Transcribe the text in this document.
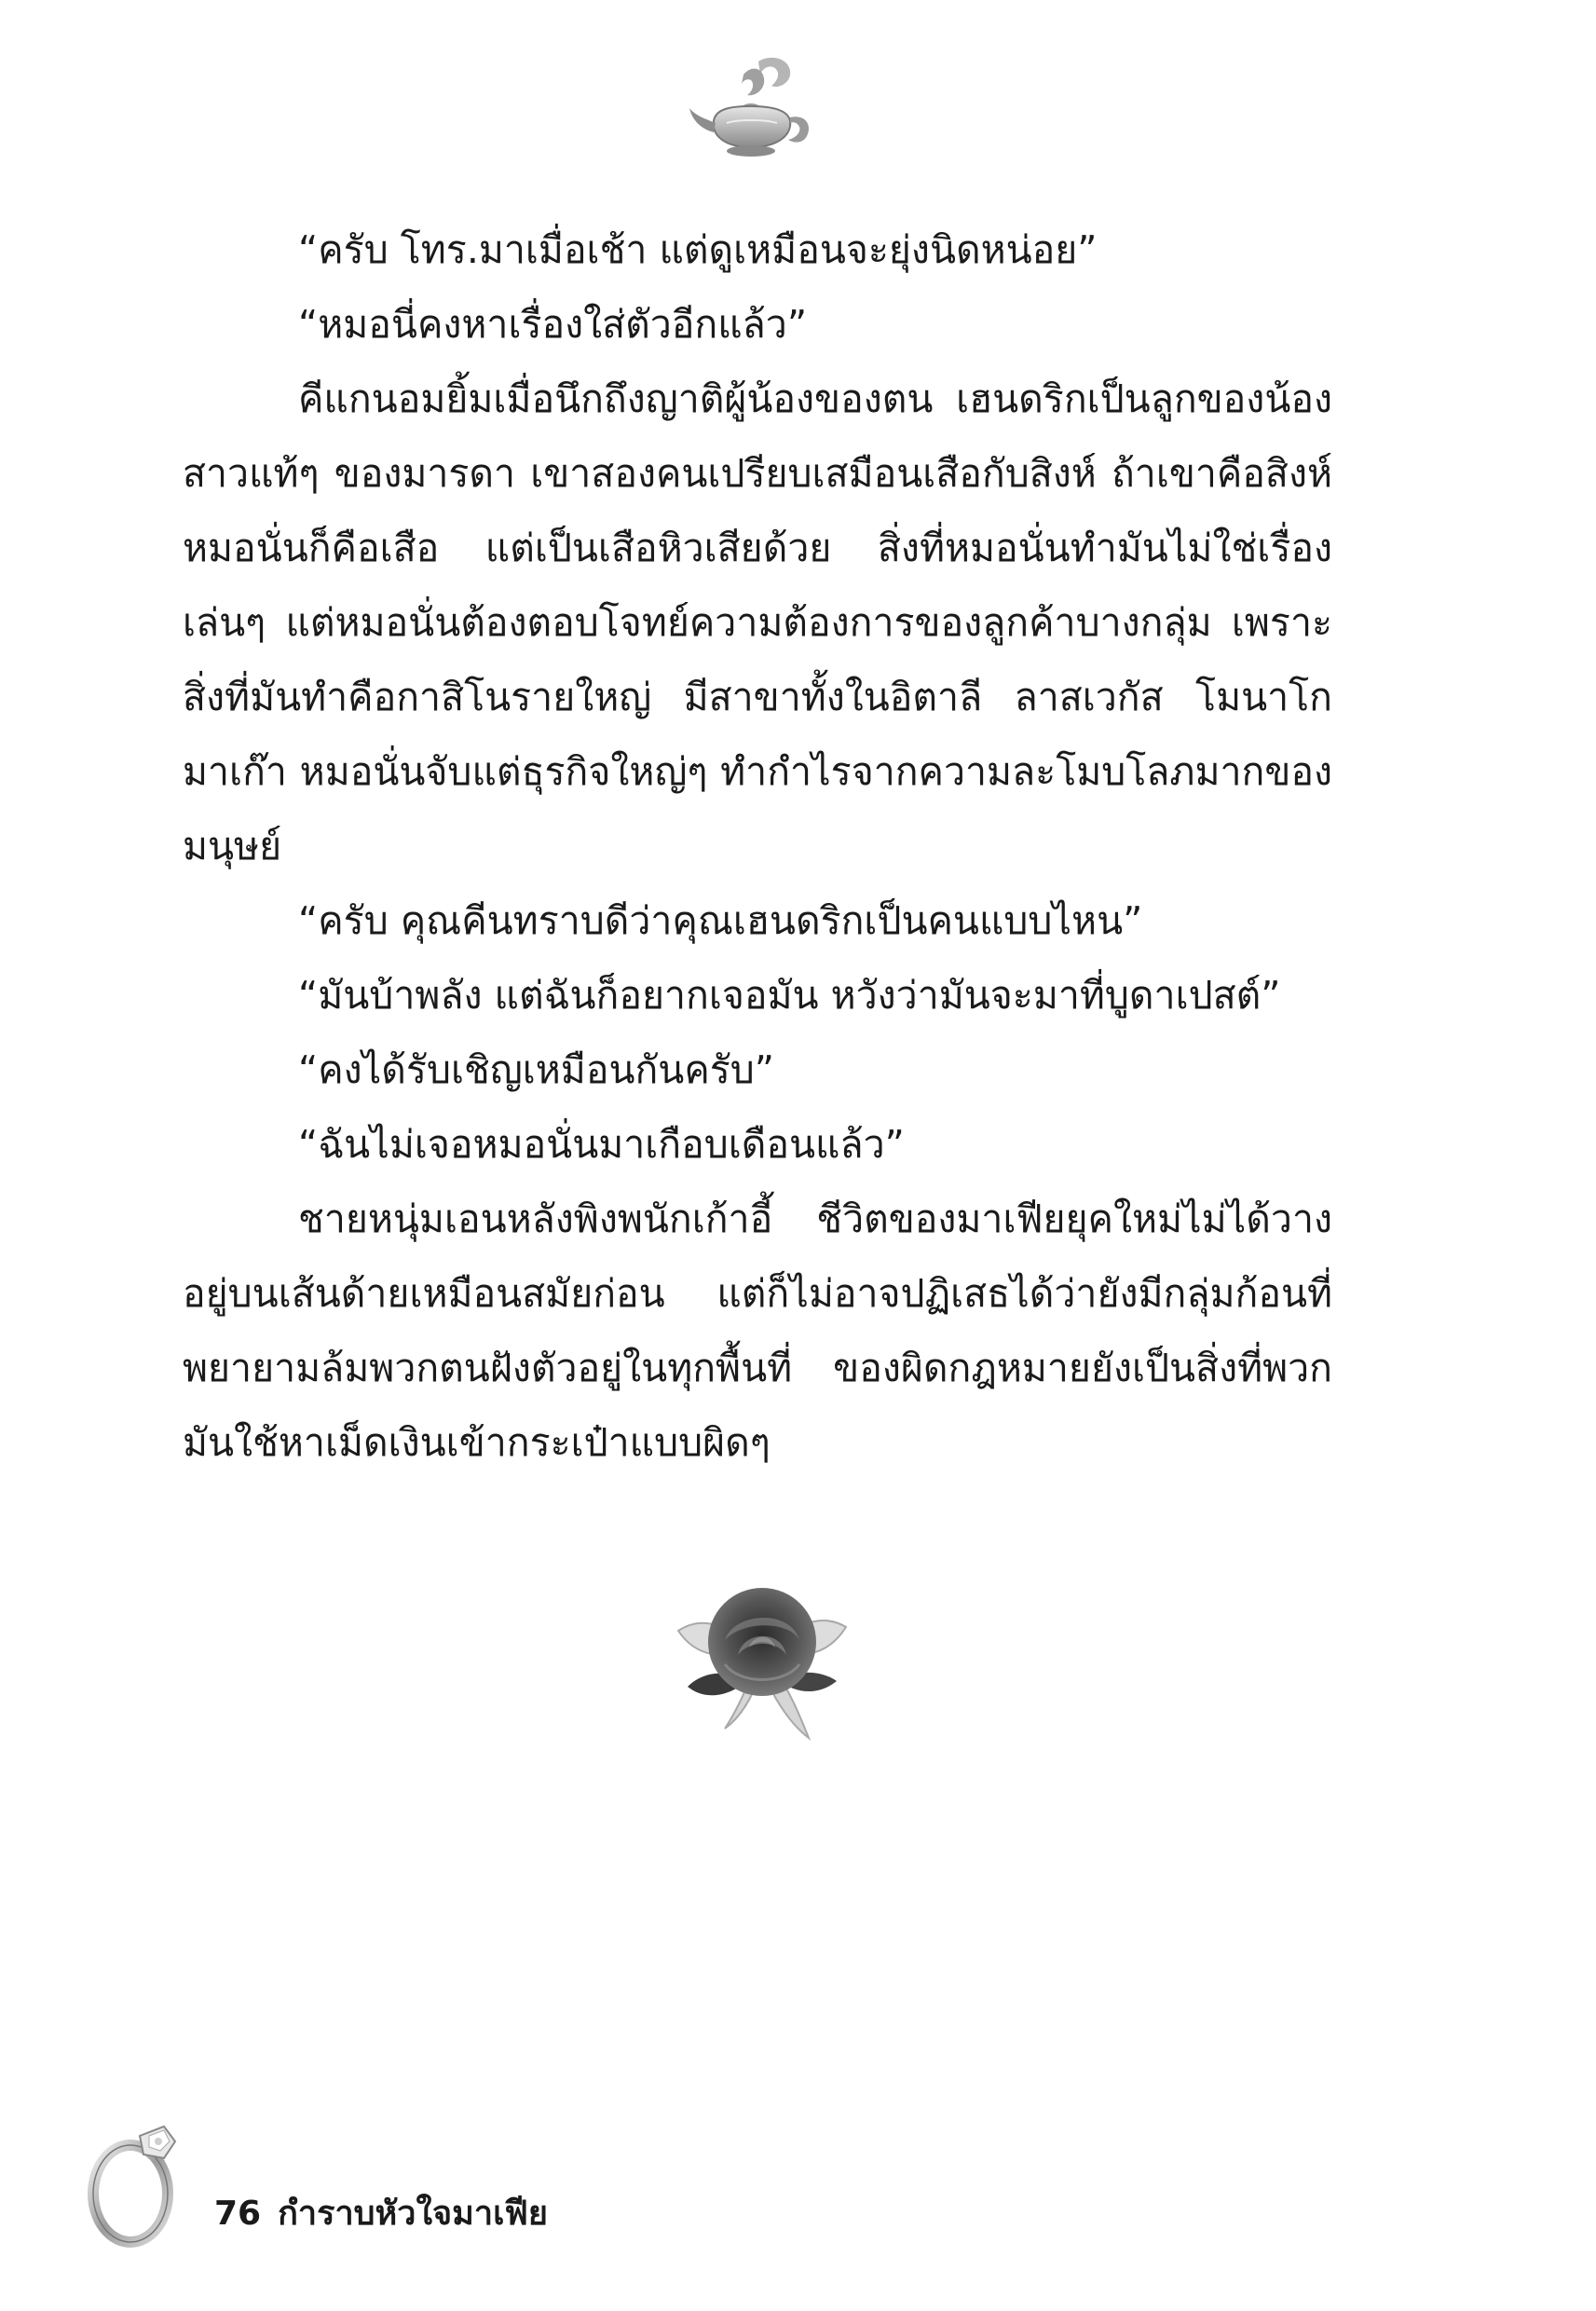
“ครับ โทร.มาเมื่อเช้า แต่ดูเหมือนจะยุ่งนิดหน่อย”

“หมอนี่คงหาเรื่องใส่ตัวอีกแล้ว”

คีแกนอมยิ้มเมื่อนึกถึงญาติผู้น้องของตน เฮนดริกเป็นลูกของน้องสาวแท้ๆ ของมารดา เขาสองคนเปรียบเสมือนเสือกับสิงห์ ถ้าเขาคือสิงห์ หมอนั่นก็คือเสือ แต่เป็นเสือหิวเสียด้วย สิ่งที่หมอนั่นทำมันไม่ใช่เรื่องเล่นๆ แต่หมอนั่นต้องตอบโจทย์ความต้องการของลูกค้าบางกลุ่ม เพราะสิ่งที่มันทำคือกาสิโนรายใหญ่ มีสาขาทั้งในอิตาลี ลาสเวกัส โมนาโก มาเก๊า หมอนั่นจับแต่ธุรกิจใหญ่ๆ ทำกำไรจากความละโมบโลภมากของมนุษย์

“ครับ คุณคีนทราบดีว่าคุณเฮนดริกเป็นคนแบบไหน”

“มันบ้าพลัง แต่ฉันก็อยากเจอมัน หวังว่ามันจะมาที่บูดาเปสต์”

“คงได้รับเชิญเหมือนกันครับ”

“ฉันไม่เจอหมอนั่นมาเกือบเดือนแล้ว”

ชายหนุ่มเอนหลังพิงพนักเก้าอี้ ชีวิตของมาเฟียยุคใหม่ไม่ได้วางอยู่บนเส้นด้ายเหมือนสมัยก่อน แต่ก็ไม่อาจปฏิเสธได้ว่ายังมีกลุ่มก้อนที่พยายามล้มพวกตนฝังตัวอยู่ในทุกพื้นที่ ของผิดกฎหมายยังเป็นสิ่งที่พวกมันใช้หาเม็ดเงินเข้ากระเป๋าแบบผิดๆ

76 กำราบหัวใจมาเฟีย
